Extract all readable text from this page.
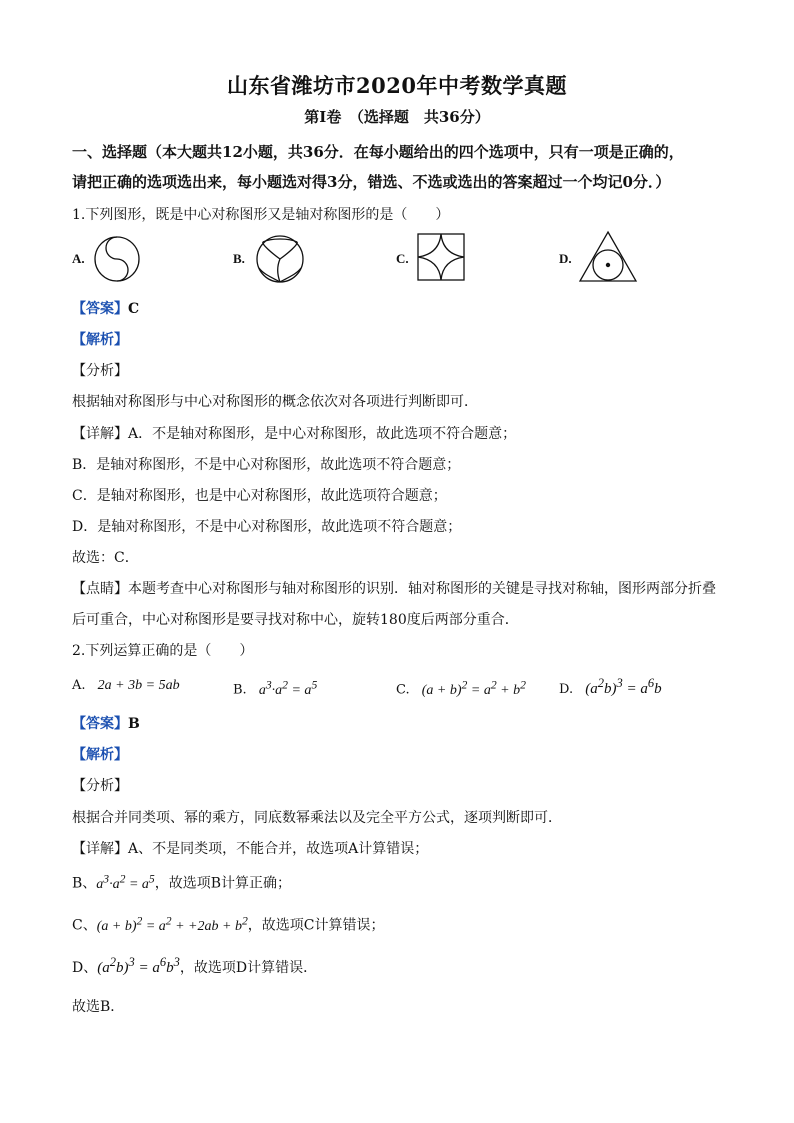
山东省潍坊市2020年中考数学真题
第Ⅰ卷　（选择题　共36分）
一、选择题（本大题共12小题，共36分．在每小题给出的四个选项中，只有一项是正确的，
请把正确的选项选出来，每小题选对得3分，错选、不选或选出的答案超过一个均记0分．）
1.下列图形，既是中心对称图形又是轴对称图形的是（　　）
A.	B.	C.	D.
【答案】C
【解析】
【分析】
根据轴对称图形与中心对称图形的概念依次对各项进行判断即可．
【详解】A．不是轴对称图形，是中心对称图形，故此选项不符合题意；
B．是轴对称图形，不是中心对称图形，故此选项不符合题意；
C．是轴对称图形，也是中心对称图形，故此选项符合题意；
D．是轴对称图形，不是中心对称图形，故此选项不符合题意；
故选：C．
【点睛】本题考查中心对称图形与轴对称图形的识别．轴对称图形的关键是寻找对称轴，图形两部分折叠
后可重合，中心对称图形是要寻找对称中心，旋转180度后两部分重合．
2.下列运算正确的是（　　）
A. 2a + 3b = 5ab	B. $a^3\cdot a^2 = a^5$	C. $(a + b)^2 = a^2 + b^2$	D. $(a^2b)^3 = a^6b$
【答案】B
【解析】
【分析】
根据合并同类项、幂的乘方，同底数幂乘法以及完全平方公式，逐项判断即可．
【详解】A、不是同类项，不能合并，故选项A计算错误；
B、$a^3\cdot a^2 = a^5$，故选项B计算正确；
C、$(a + b)^2 = a^2 + +2ab + b^2$，故选项C计算错误；
D、$(a^2b)^3 = a^6b^3$，故选项D计算错误．
故选B．
